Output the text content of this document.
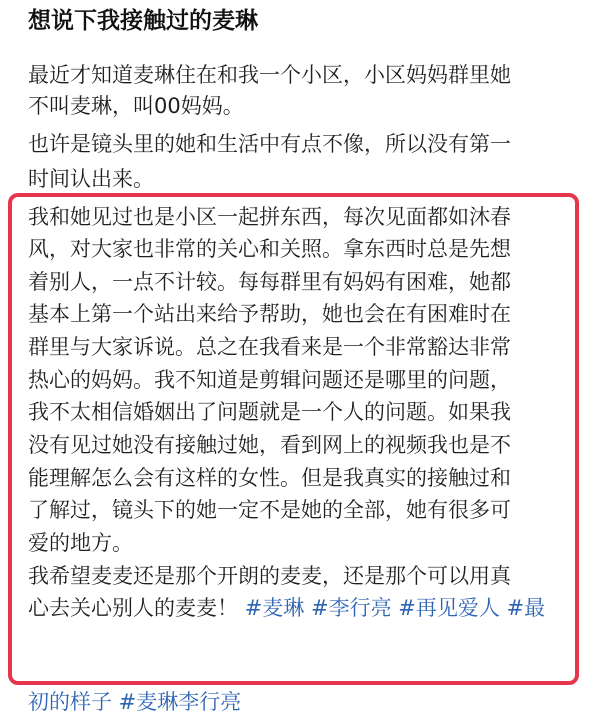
想说下我接触过的麦琳
最近才知道麦琳住在和我一个小区，小区妈妈群里她
不叫麦琳，叫00妈妈。
也许是镜头里的她和生活中有点不像，所以没有第一
时间认出来。
我和她见过也是小区一起拼东西，每次见面都如沐春
风，对大家也非常的关心和关照。拿东西时总是先想
着别人，一点不计较。每每群里有妈妈有困难，她都
基本上第一个站出来给予帮助，她也会在有困难时在
群里与大家诉说。总之在我看来是一个非常豁达非常
热心的妈妈。我不知道是剪辑问题还是哪里的问题，
我不太相信婚姻出了问题就是一个人的问题。如果我
没有见过她没有接触过她，看到网上的视频我也是不
能理解怎么会有这样的女性。但是我真实的接触过和
了解过，镜头下的她一定不是她的全部，她有很多可
爱的地方。
我希望麦麦还是那个开朗的麦麦，还是那个可以用真
心去关心别人的麦麦！ #麦琳 #李行亮 #再见爱人 #最
初的样子 #麦琳李行亮
